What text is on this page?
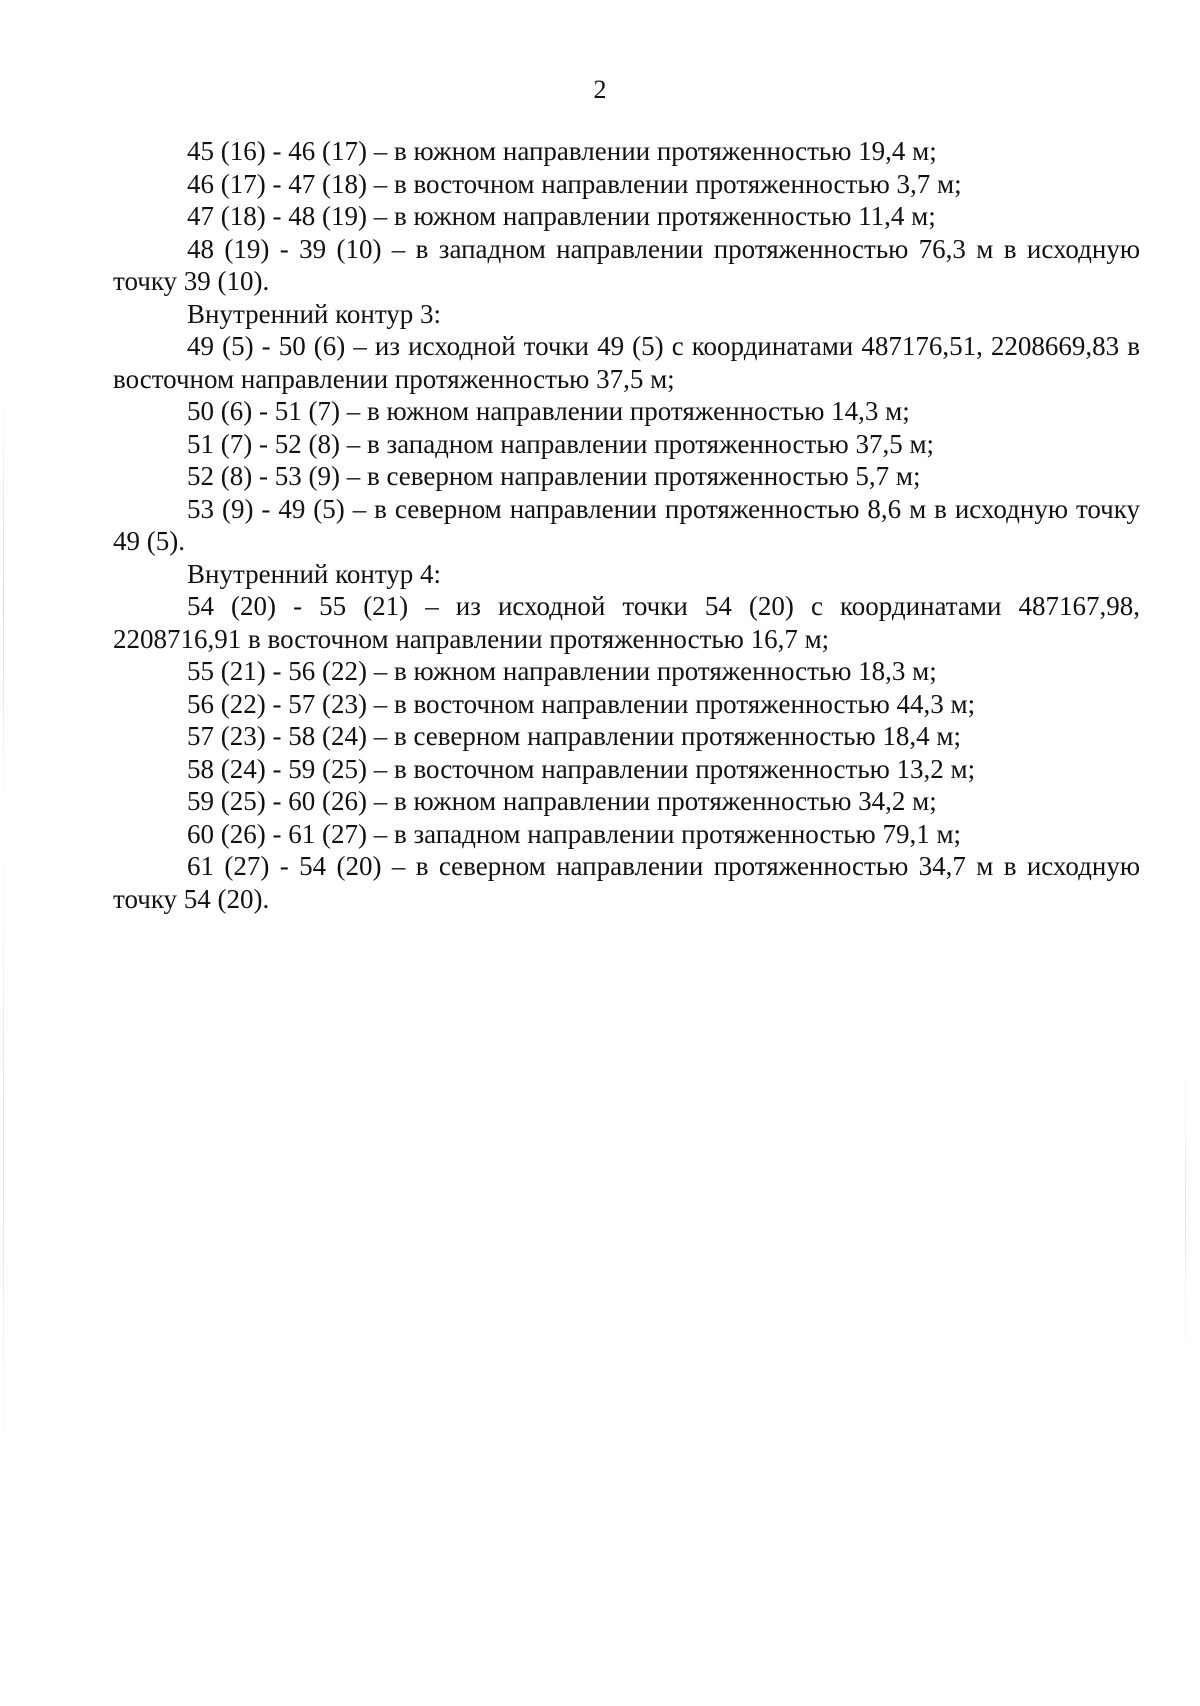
2

45 (16) - 46 (17) – в южном направлении протяженностью 19,4 м;

46 (17) - 47 (18) – в восточном направлении протяженностью 3,7 м;

47 (18) - 48 (19) – в южном направлении протяженностью 11,4 м;

48 (19) - 39 (10) – в западном направлении протяженностью 76,3 м в исходную точку 39 (10).

Внутренний контур 3:

49 (5) - 50 (6) – из исходной точки 49 (5) с координатами 487176,51, 2208669,83 в восточном направлении протяженностью 37,5 м;

50 (6) - 51 (7) – в южном направлении протяженностью 14,3 м;

51 (7) - 52 (8) – в западном направлении протяженностью 37,5 м;

52 (8) - 53 (9) – в северном направлении протяженностью 5,7 м;

53 (9) - 49 (5) – в северном направлении протяженностью 8,6 м в исходную точку 49 (5).

Внутренний контур 4:

54 (20) - 55 (21) – из исходной точки 54 (20) с координатами 487167,98, 2208716,91 в восточном направлении протяженностью 16,7 м;

55 (21) - 56 (22) – в южном направлении протяженностью 18,3 м;

56 (22) - 57 (23) – в восточном направлении протяженностью 44,3 м;

57 (23) - 58 (24) – в северном направлении протяженностью 18,4 м;

58 (24) - 59 (25) – в восточном направлении протяженностью 13,2 м;

59 (25) - 60 (26) – в южном направлении протяженностью 34,2 м;

60 (26) - 61 (27) – в западном направлении протяженностью 79,1 м;

61 (27) - 54 (20) – в северном направлении протяженностью 34,7 м в исходную точку 54 (20).
